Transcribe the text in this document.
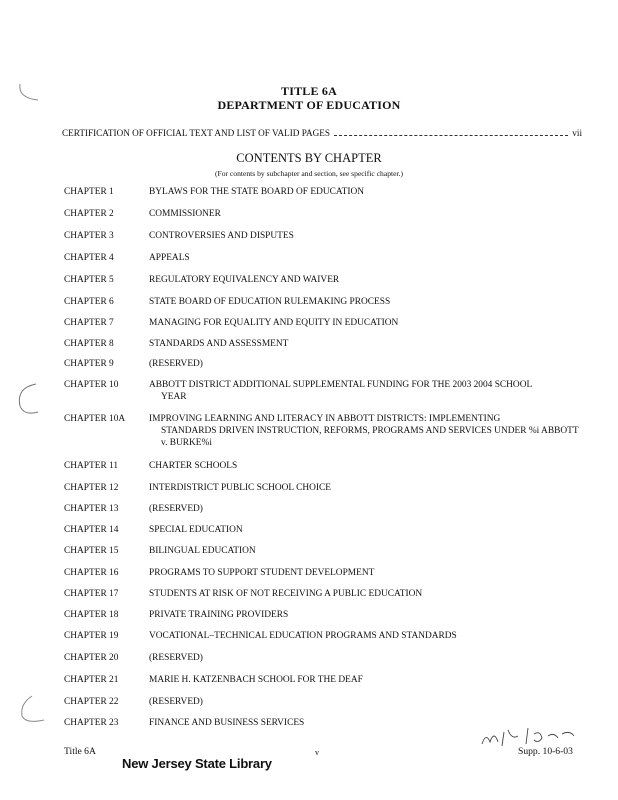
TITLE 6A
DEPARTMENT OF EDUCATION
CERTIFICATION OF OFFICIAL TEXT AND LIST OF VALID PAGES	vii
CONTENTS BY CHAPTER
(For contents by subchapter and section, see specific chapter.)
CHAPTER 1	BYLAWS FOR THE STATE BOARD OF EDUCATION
CHAPTER 2	COMMISSIONER
CHAPTER 3	CONTROVERSIES AND DISPUTES
CHAPTER 4	APPEALS
CHAPTER 5	REGULATORY EQUIVALENCY AND WAIVER
CHAPTER 6	STATE BOARD OF EDUCATION RULEMAKING PROCESS
CHAPTER 7	MANAGING FOR EQUALITY AND EQUITY IN EDUCATION
CHAPTER 8	STANDARDS AND ASSESSMENT
CHAPTER 9	(RESERVED)
CHAPTER 10	ABBOTT DISTRICT ADDITIONAL SUPPLEMENTAL FUNDING FOR THE 2003 2004 SCHOOL
YEAR
CHAPTER 10A	IMPROVING LEARNING AND LITERACY IN ABBOTT DISTRICTS: IMPLEMENTING
STANDARDS DRIVEN INSTRUCTION, REFORMS, PROGRAMS AND SERVICES UNDER %i ABBOTT v. BURKE%i
CHAPTER 11	CHARTER SCHOOLS
CHAPTER 12	INTERDISTRICT PUBLIC SCHOOL CHOICE
CHAPTER 13	(RESERVED)
CHAPTER 14	SPECIAL EDUCATION
CHAPTER 15	BILINGUAL EDUCATION
CHAPTER 16	PROGRAMS TO SUPPORT STUDENT DEVELOPMENT
CHAPTER 17	STUDENTS AT RISK OF NOT RECEIVING A PUBLIC EDUCATION
CHAPTER 18	PRIVATE TRAINING PROVIDERS
CHAPTER 19	VOCATIONAL–TECHNICAL EDUCATION PROGRAMS AND STANDARDS
CHAPTER 20	(RESERVED)
CHAPTER 21	MARIE H. KATZENBACH SCHOOL FOR THE DEAF
CHAPTER 22	(RESERVED)
CHAPTER 23	FINANCE AND BUSINESS SERVICES
Title 6A	v	Supp. 10-6-03
New Jersey State Library
